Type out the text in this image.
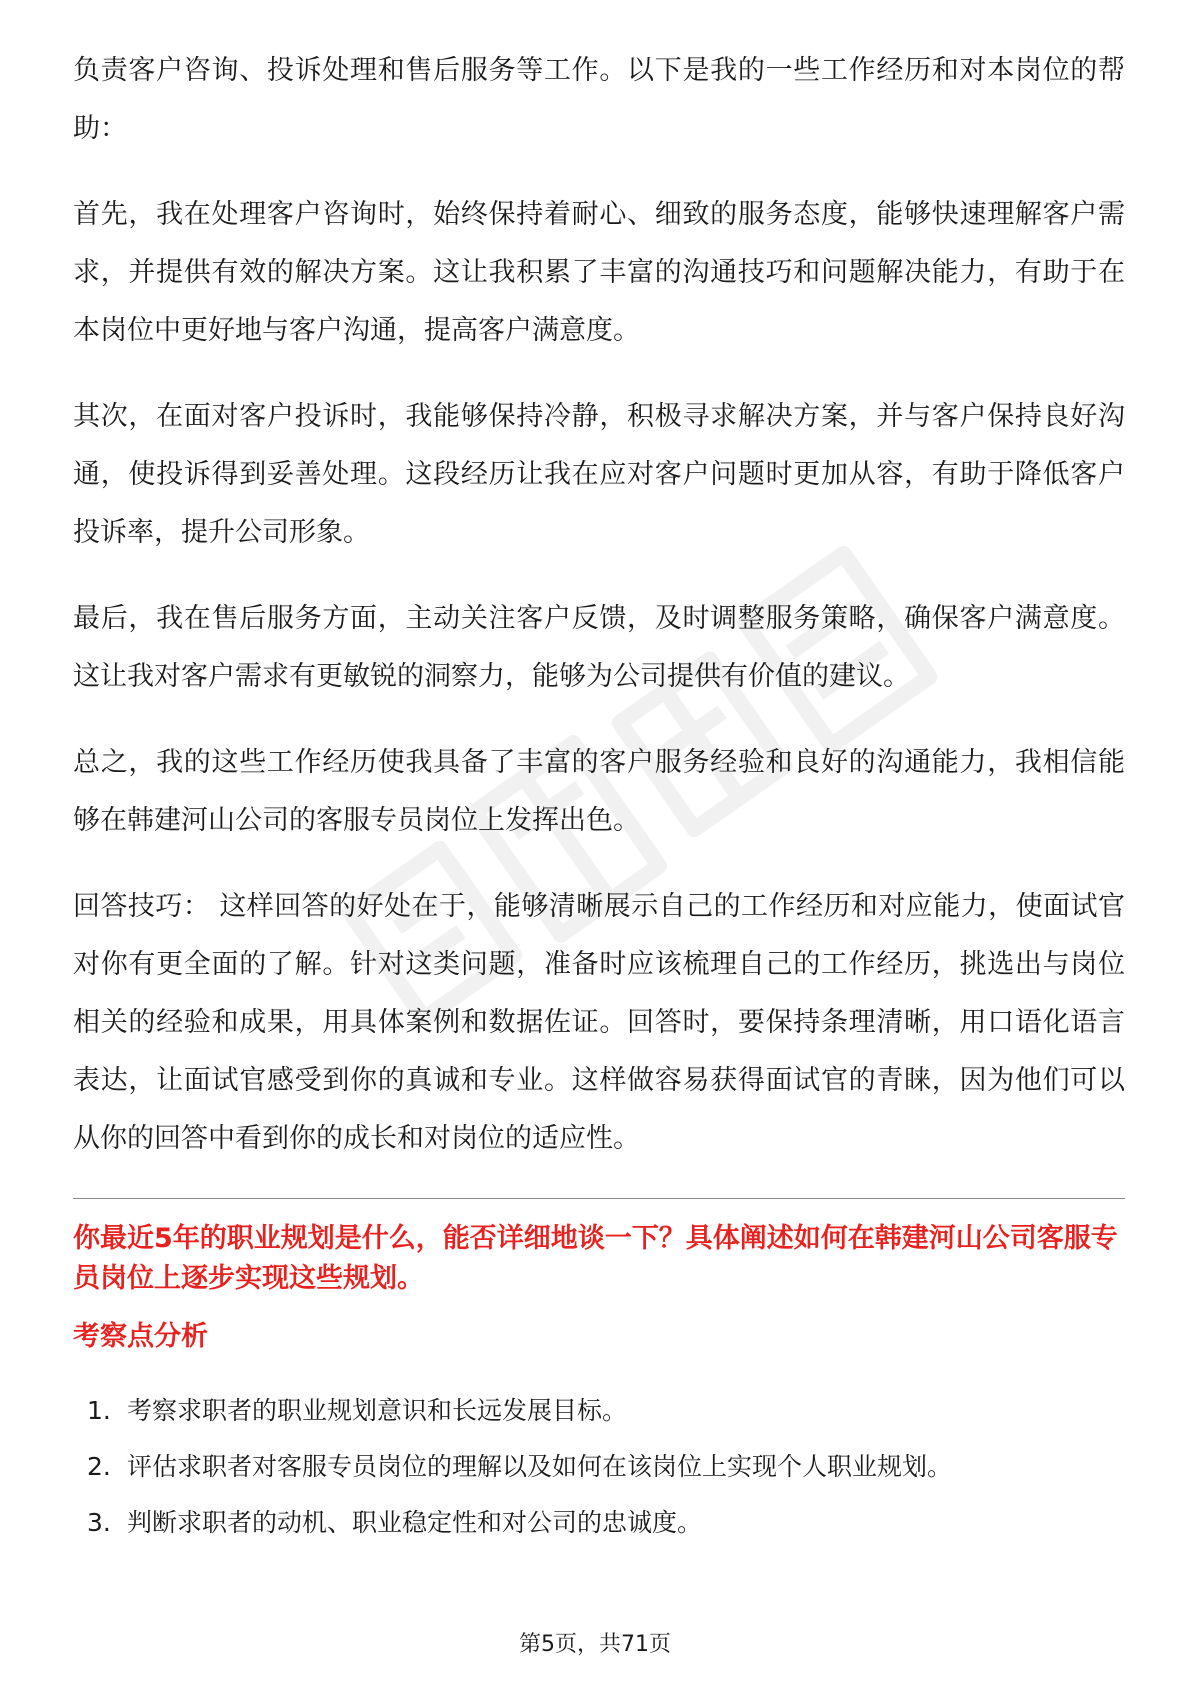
负责客户咨询、投诉处理和售后服务等工作。以下是我的一些工作经历和对本岗位的帮助：

首先，我在处理客户咨询时，始终保持着耐心、细致的服务态度，能够快速理解客户需求，并提供有效的解决方案。这让我积累了丰富的沟通技巧和问题解决能力，有助于在本岗位中更好地与客户沟通，提高客户满意度。

其次，在面对客户投诉时，我能够保持冷静，积极寻求解决方案，并与客户保持良好沟通，使投诉得到妥善处理。这段经历让我在应对客户问题时更加从容，有助于降低客户投诉率，提升公司形象。

最后，我在售后服务方面，主动关注客户反馈，及时调整服务策略，确保客户满意度。这让我对客户需求有更敏锐的洞察力，能够为公司提供有价值的建议。

总之，我的这些工作经历使我具备了丰富的客户服务经验和良好的沟通能力，我相信能够在韩建河山公司的客服专员岗位上发挥出色。

回答技巧： 这样回答的好处在于，能够清晰展示自己的工作经历和对应能力，使面试官对你有更全面的了解。针对这类问题，准备时应该梳理自己的工作经历，挑选出与岗位相关的经验和成果，用具体案例和数据佐证。回答时，要保持条理清晰，用口语化语言表达，让面试官感受到你的真诚和专业。这样做容易获得面试官的青睐，因为他们可以从你的回答中看到你的成长和对岗位的适应性。

你最近5年的职业规划是什么，能否详细地谈一下？具体阐述如何在韩建河山公司客服专员岗位上逐步实现这些规划。
考察点分析
1. 考察求职者的职业规划意识和长远发展目标。
2. 评估求职者对客服专员岗位的理解以及如何在该岗位上实现个人职业规划。
3. 判断求职者的动机、职业稳定性和对公司的忠诚度。
第5页，共71页
